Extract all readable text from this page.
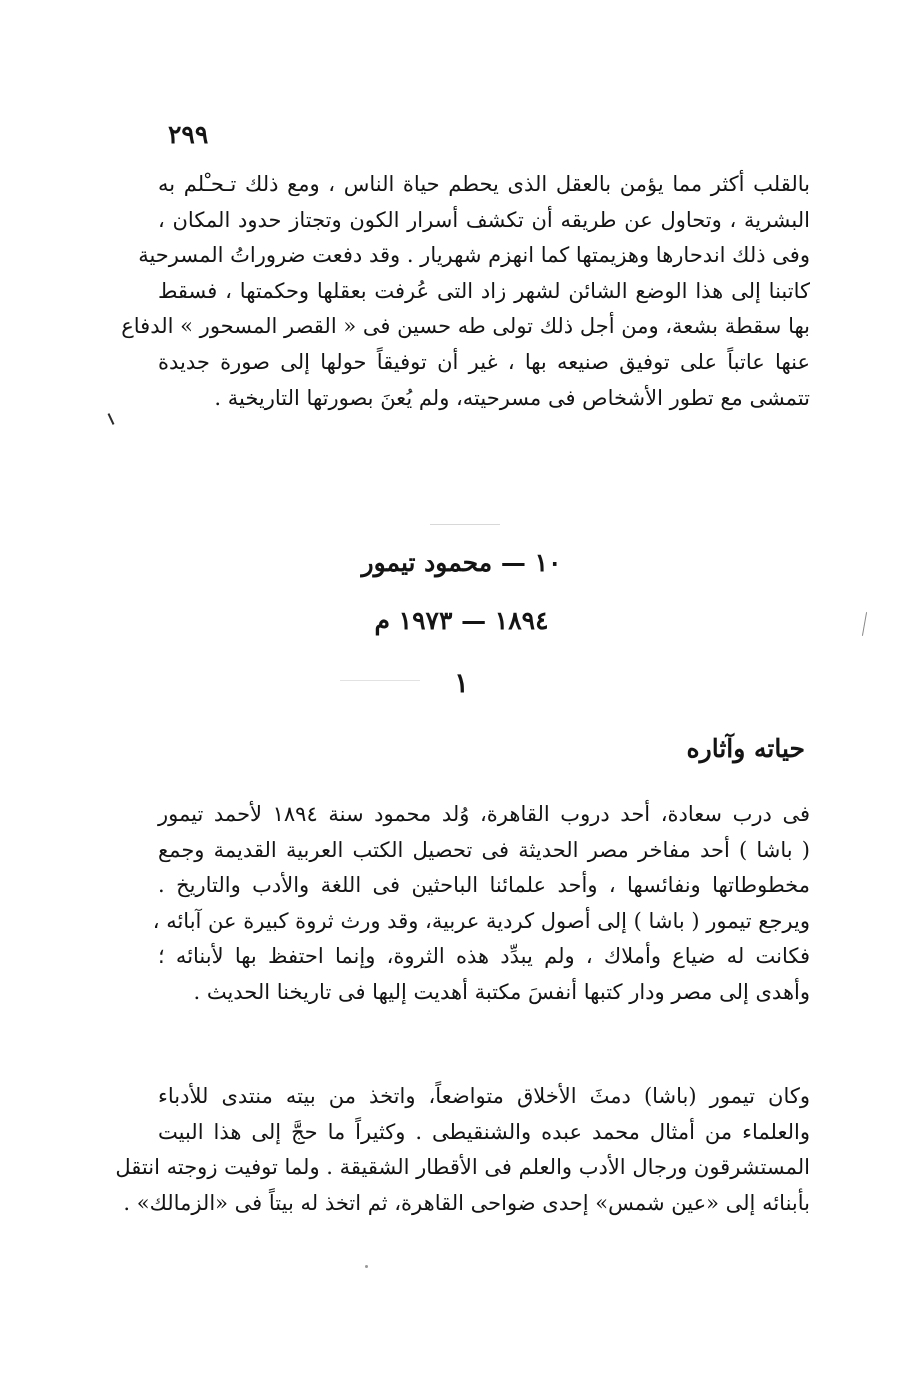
٢٩٩
بالقلب أكثر مما يؤمن بالعقل الذى يحطم حياة الناس ، ومع ذلك تـحـْلم به
البشرية ، وتحاول عن طريقه أن تكشف أسرار الكون وتجتاز حدود المكان ،
وفى ذلك اندحارها وهزيمتها كما انهزم شهريار . وقد دفعت ضروراتُ المسرحية
كاتبنا إلى هذا الوضع الشائن لشهر زاد التى عُرفت بعقلها وحكمتها ، فسقط
بها سقطة بشعة، ومن أجل ذلك تولى طه حسين فى « القصر المسحور » الدفاع
عنها عاتباً على توفيق صنيعه بها ، غير أن توفيقاً حولها إلى صورة جديدة
تتمشى مع تطور الأشخاص فى مسرحيته، ولم يُعنَ بصورتها التاريخية .
١٠ — محمود تيمور
١٨٩٤ — ١٩٧٣ م
١
حياته وآثاره
فى درب سعادة، أحد دروب القاهرة، وُلد محمود سنة ١٨٩٤ لأحمد تيمور
( باشا ) أحد مفاخر مصر الحديثة فى تحصيل الكتب العربية القديمة وجمع
مخطوطاتها ونفائسها ، وأحد علمائنا الباحثين فى اللغة والأدب والتاريخ .
ويرجع تيمور ( باشا ) إلى أصول كردية عربية، وقد ورث ثروة كبيرة عن آبائه ،
فكانت له ضياع وأملاك ، ولم يبدِّد هذه الثروة، وإنما احتفظ بها لأبنائه ؛
وأهدى إلى مصر ودار كتبها أنفسَ مكتبة أهديت إليها فى تاريخنا الحديث .
وكان تيمور (باشا) دمثَ الأخلاق متواضعاً، واتخذ من بيته منتدى للأدباء
والعلماء من أمثال محمد عبده والشنقيطى . وكثيراً ما حجَّ إلى هذا البيت
المستشرقون ورجال الأدب والعلم فى الأقطار الشقيقة . ولما توفيت زوجته انتقل
بأبنائه إلى «عين شمس» إحدى ضواحى القاهرة، ثم اتخذ له بيتاً فى «الزمالك» .
